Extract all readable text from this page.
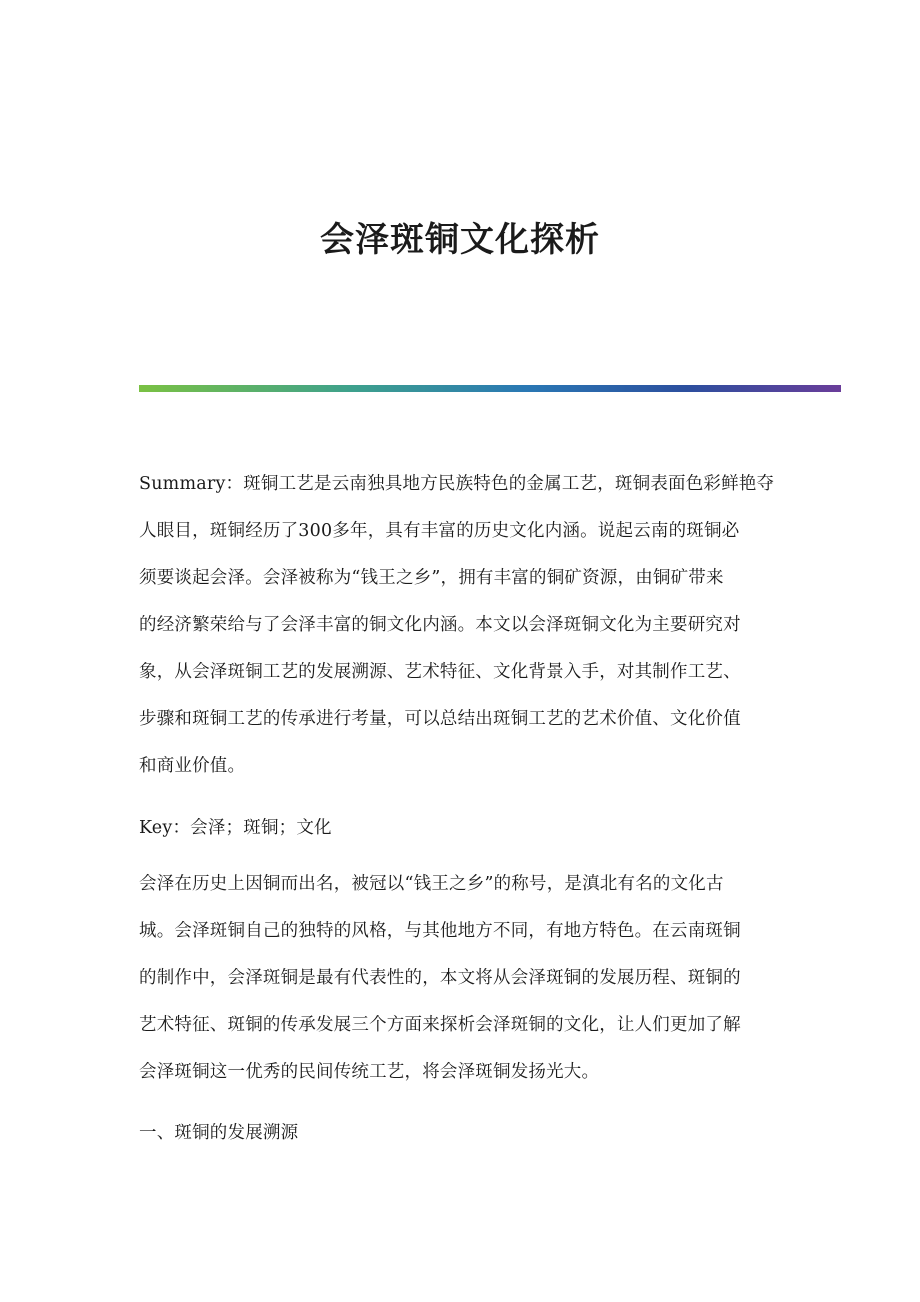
会泽斑铜文化探析
Summary：斑铜工艺是云南独具地方民族特色的金属工艺，斑铜表面色彩鲜艳夺
人眼目，斑铜经历了300多年，具有丰富的历史文化内涵。说起云南的斑铜必
须要谈起会泽。会泽被称为“钱王之乡”，拥有丰富的铜矿资源，由铜矿带来
的经济繁荣给与了会泽丰富的铜文化内涵。本文以会泽斑铜文化为主要研究对
象，从会泽斑铜工艺的发展溯源、艺术特征、文化背景入手，对其制作工艺、
步骤和斑铜工艺的传承进行考量，可以总结出斑铜工艺的艺术价值、文化价值
和商业价值。
Key：会泽；斑铜；文化
会泽在历史上因铜而出名，被冠以“钱王之乡”的称号，是滇北有名的文化古
城。会泽斑铜自己的独特的风格，与其他地方不同，有地方特色。在云南斑铜
的制作中，会泽斑铜是最有代表性的，本文将从会泽斑铜的发展历程、斑铜的
艺术特征、斑铜的传承发展三个方面来探析会泽斑铜的文化，让人们更加了解
会泽斑铜这一优秀的民间传统工艺，将会泽斑铜发扬光大。
一、斑铜的发展溯源
